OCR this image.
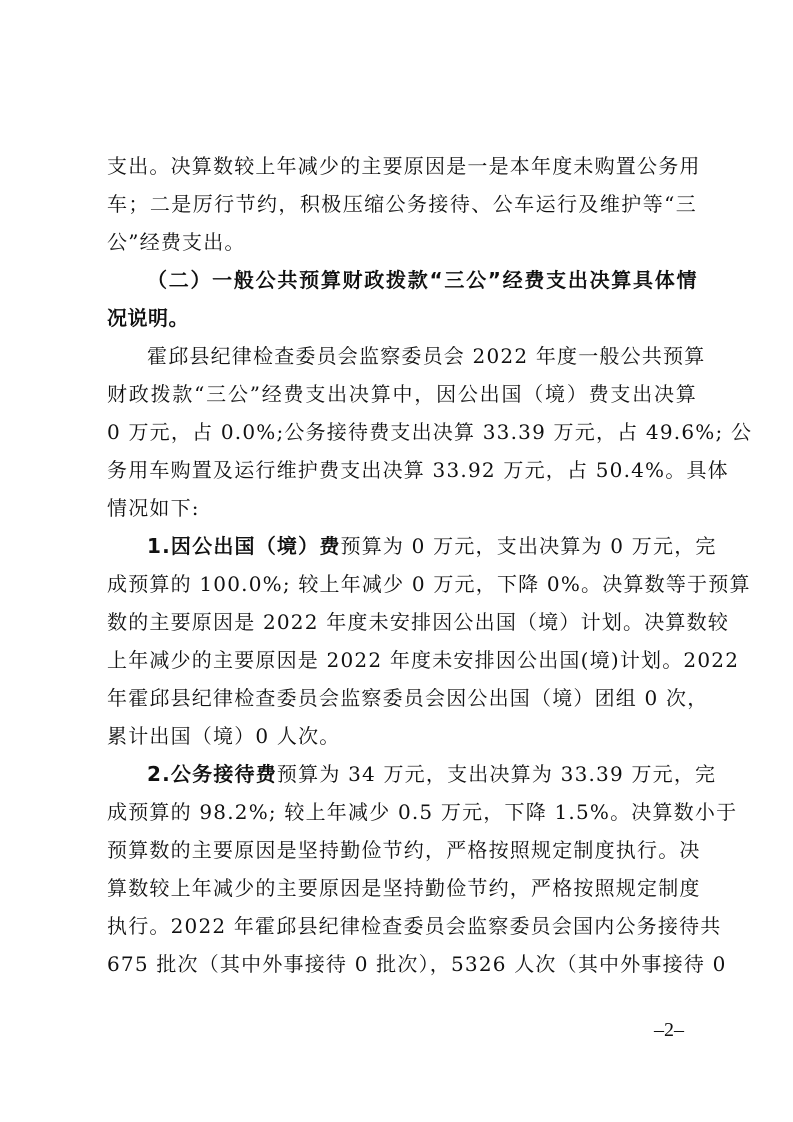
支出。决算数较上年减少的主要原因是一是本年度未购置公务用
车；二是厉行节约，积极压缩公务接待、公车运行及维护等“三
公”经费支出。
（二）一般公共预算财政拨款“三公”经费支出决算具体情
况说明。
霍邱县纪律检查委员会监察委员会 2022 年度一般公共预算
财政拨款“三公”经费支出决算中，因公出国（境）费支出决算
0 万元，占 0.0%;公务接待费支出决算 33.39 万元，占 49.6%; 公
务用车购置及运行维护费支出决算 33.92 万元，占 50.4%。具体
情况如下:
1.因公出国（境）费预算为 0 万元，支出决算为 0 万元，完
成预算的 100.0%; 较上年减少 0 万元，下降 0%。决算数等于预算
数的主要原因是 2022 年度未安排因公出国（境）计划。决算数较
上年减少的主要原因是 2022 年度未安排因公出国(境)计划。2022
年霍邱县纪律检查委员会监察委员会因公出国（境）团组 0 次，
累计出国（境）0 人次。
2.公务接待费预算为 34 万元，支出决算为 33.39 万元，完
成预算的 98.2%; 较上年减少 0.5 万元，下降 1.5%。决算数小于
预算数的主要原因是坚持勤俭节约，严格按照规定制度执行。决
算数较上年减少的主要原因是坚持勤俭节约，严格按照规定制度
执行。2022 年霍邱县纪律检查委员会监察委员会国内公务接待共
675 批次（其中外事接待 0 批次），5326 人次（其中外事接待 0
–2–
